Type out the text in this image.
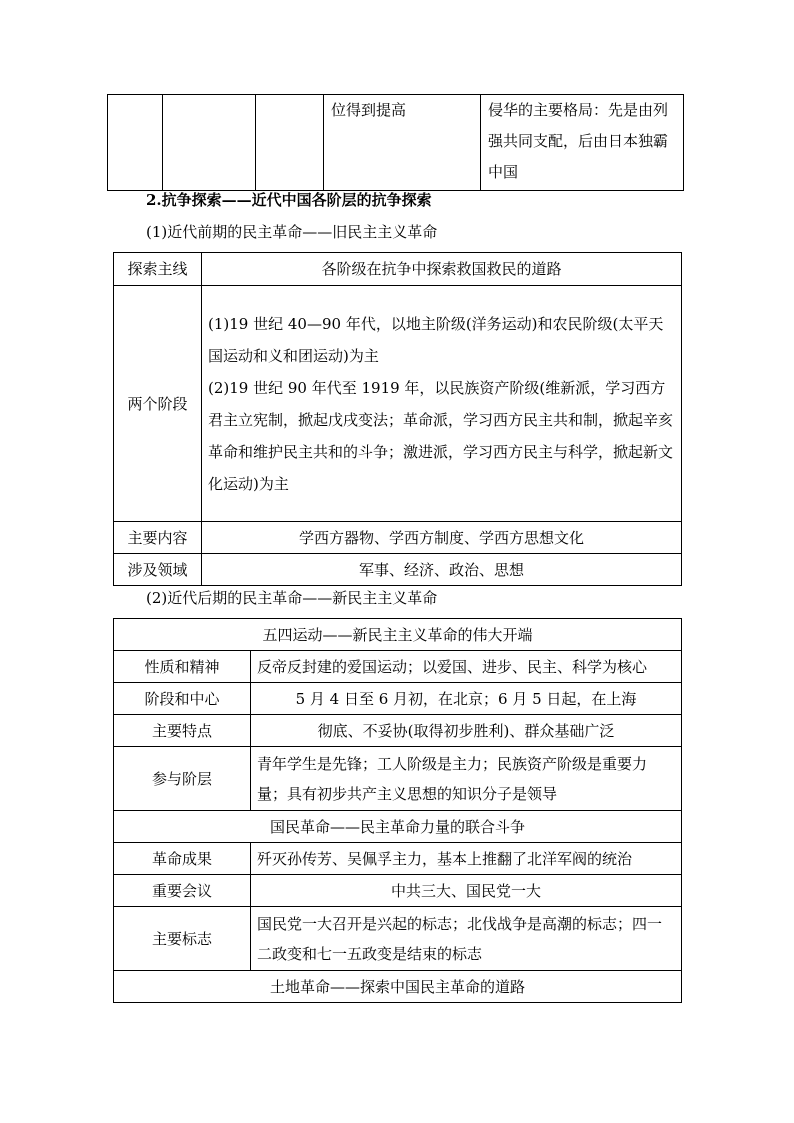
			位得到提高	侵华的主要格局：先是由列强共同支配，后由日本独霸中国
2.抗争探索——近代中国各阶层的抗争探索
(1)近代前期的民主革命——旧民主主义革命
探索主线	各阶级在抗争中探索救国救民的道路
两个阶段	(1)19 世纪 40—90 年代，以地主阶级(洋务运动)和农民阶级(太平天国运动和义和团运动)为主
(2)19 世纪 90 年代至 1919 年，以民族资产阶级(维新派，学习西方君主立宪制，掀起戊戌变法；革命派，学习西方民主共和制，掀起辛亥革命和维护民主共和的斗争；激进派，学习西方民主与科学，掀起新文化运动)为主

主要内容	学西方器物、学西方制度、学西方思想文化
涉及领域	军事、经济、政治、思想
(2)近代后期的民主革命——新民主主义革命
五四运动——新民主主义革命的伟大开端	
性质和精神	反帝反封建的爱国运动；以爱国、进步、民主、科学为核心
阶段和中心	5 月 4 日至 6 月初，在北京；6 月 5 日起，在上海
主要特点	彻底、不妥协(取得初步胜利)、群众基础广泛
参与阶层	青年学生是先锋；工人阶级是主力；民族资产阶级是重要力量；具有初步共产主义思想的知识分子是领导
国民革命——民主革命力量的联合斗争	
革命成果	歼灭孙传芳、吴佩孚主力，基本上推翻了北洋军阀的统治
重要会议	中共三大、国民党一大
主要标志	国民党一大召开是兴起的标志；北伐战争是高潮的标志；四一二政变和七一五政变是结束的标志
土地革命——探索中国民主革命的道路	
